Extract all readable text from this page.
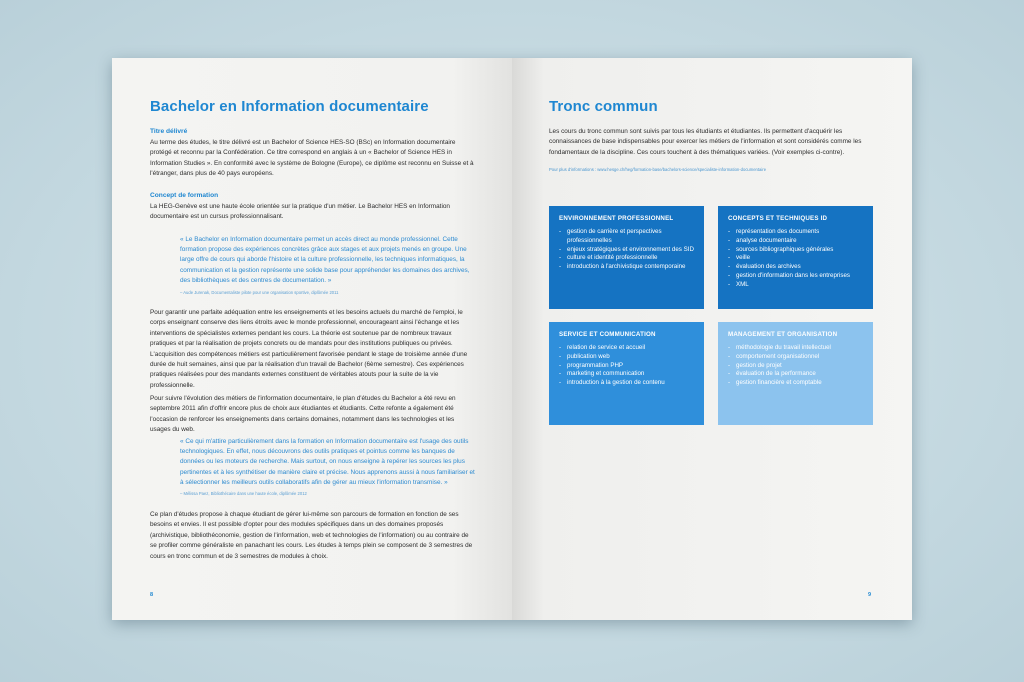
Bachelor en Information documentaire
Titre délivré
Au terme des études, le titre délivré est un Bachelor of Science HES-SO (BSc) en Information documentaire protégé et reconnu par la Confédération. Ce titre correspond en anglais à un « Bachelor of Science HES in Information Studies ». En conformité avec le système de Bologne (Europe), ce diplôme est reconnu en Suisse et à l'étranger, dans plus de 40 pays européens.
Concept de formation
La HEG-Genève est une haute école orientée sur la pratique d'un métier. Le Bachelor HES en Information documentaire est un cursus professionnalisant.
« Le Bachelor en Information documentaire permet un accès direct au monde professionnel. Cette formation propose des expériences concrètes grâce aux stages et aux projets menés en groupe. Une large offre de cours qui aborde l'histoire et la culture professionnelle, les techniques informatiques, la communication et la gestion représente une solide base pour appréhender les domaines des archives, des bibliothèques et des centres de documentation. »
– Aude Jurenak, Documentaliste pilote pour une organisation sportive, diplômée 2011
Pour garantir une parfaite adéquation entre les enseignements et les besoins actuels du marché de l'emploi, le corps enseignant conserve des liens étroits avec le monde professionnel, encourageant ainsi l'échange et les interventions de spécialistes externes pendant les cours. La théorie est soutenue par de nombreux travaux pratiques et par la réalisation de projets concrets ou de mandats pour des institutions publiques ou privées. L'acquisition des compétences métiers est particulièrement favorisée pendant le stage de troisième année d'une durée de huit semaines, ainsi que par la réalisation d'un travail de Bachelor (6ème semestre). Ces expériences pratiques réalisées pour des mandants externes constituent de véritables atouts pour la suite de la vie professionnelle.
Pour suivre l'évolution des métiers de l'information documentaire, le plan d'études du Bachelor a été revu en septembre 2011 afin d'offrir encore plus de choix aux étudiantes et étudiants. Cette refonte a également été l'occasion de renforcer les enseignements dans certains domaines, notamment dans les technologies et les usages du web.
« Ce qui m'attire particulièrement dans la formation en Information documentaire est l'usage des outils technologiques. En effet, nous découvrons des outils pratiques et pointus comme les banques de données ou les moteurs de recherche. Mais surtout, on nous enseigne à repérer les sources les plus pertinentes et à les synthétiser de manière claire et précise. Nous apprenons aussi à nous familiariser et à sélectionner les meilleurs outils collaboratifs afin de gérer au mieux l'information transmise. »
– Mélissa Paez, Bibliothécaire dans une haute école, diplômée 2012
Ce plan d'études propose à chaque étudiant de gérer lui-même son parcours de formation en fonction de ses besoins et envies. Il est possible d'opter pour des modules spécifiques dans un des domaines proposés (archivistique, bibliothéconomie, gestion de l'information, web et technologies de l'information) ou au contraire de se profiler comme généraliste en panachant les cours. Les études à temps plein se composent de 3 semestres de cours en tronc commun et de 3 semestres de modules à choix.
8
Tronc commun
Les cours du tronc commun sont suivis par tous les étudiants et étudiantes. Ils permettent d'acquérir les connaissances de base indispensables pour exercer les métiers de l'information et sont considérés comme les fondamentaux de la discipline. Ces cours touchent à des thématiques variées. (Voir exemples ci-contre).
Pour plus d'informations : www.hesge.ch/heg/formation-base/bachelors-science/specialiste-information-documentaire
ENVIRONNEMENT PROFESSIONNEL
- gestion de carrière et perspectives professionnelles
- enjeux stratégiques et environnement des SID
- culture et identité professionnelle
- introduction à l'archivistique contemporaine
CONCEPTS ET TECHNIQUES ID
- représentation des documents
- analyse documentaire
- sources bibliographiques générales
- veille
- évaluation des archives
- gestion d'information dans les entreprises
- XML
SERVICE ET COMMUNICATION
- relation de service et accueil
- publication web
- programmation PHP
- marketing et communication
- introduction à la gestion de contenu
MANAGEMENT ET ORGANISATION
- méthodologie du travail intellectuel
- comportement organisationnel
- gestion de projet
- évaluation de la performance
- gestion financière et comptable
9
